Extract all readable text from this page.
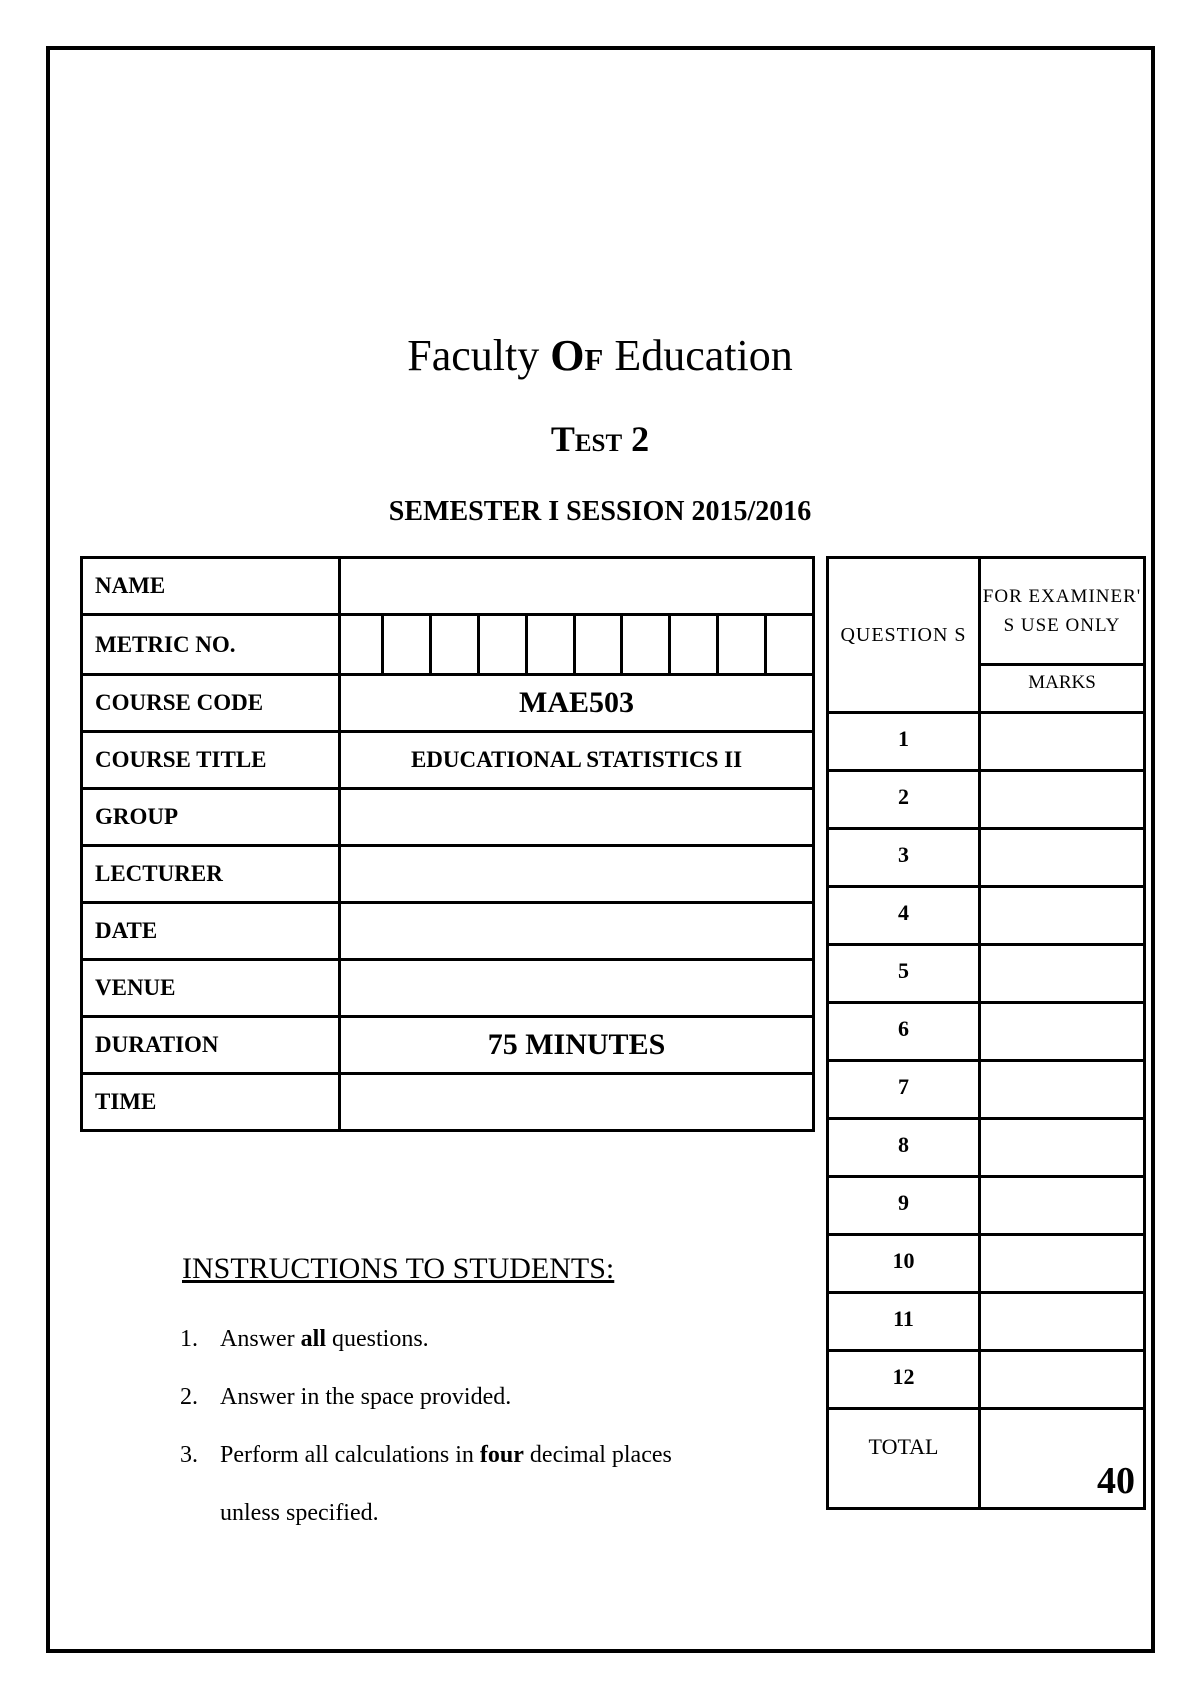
Faculty Of Education
Test 2
SEMESTER I SESSION 2015/2016
NAME	
METRIC NO.	

COURSE CODE	MAE503
COURSE TITLE	EDUCATIONAL STATISTICS II
GROUP	
LECTURER	
DATE	
VENUE	
DURATION	75 MINUTES
TIME	
QUESTION S	FOR EXAMINER' S USE ONLY
	MARKS
1	
2	
3	
4	
5	
6	
7	
8	
9	
10	
11	
12	
TOTAL	40
INSTRUCTIONS TO STUDENTS:
1. Answer all questions.
2. Answer in the space provided.
3. Perform all calculations in four decimal places
unless specified.
